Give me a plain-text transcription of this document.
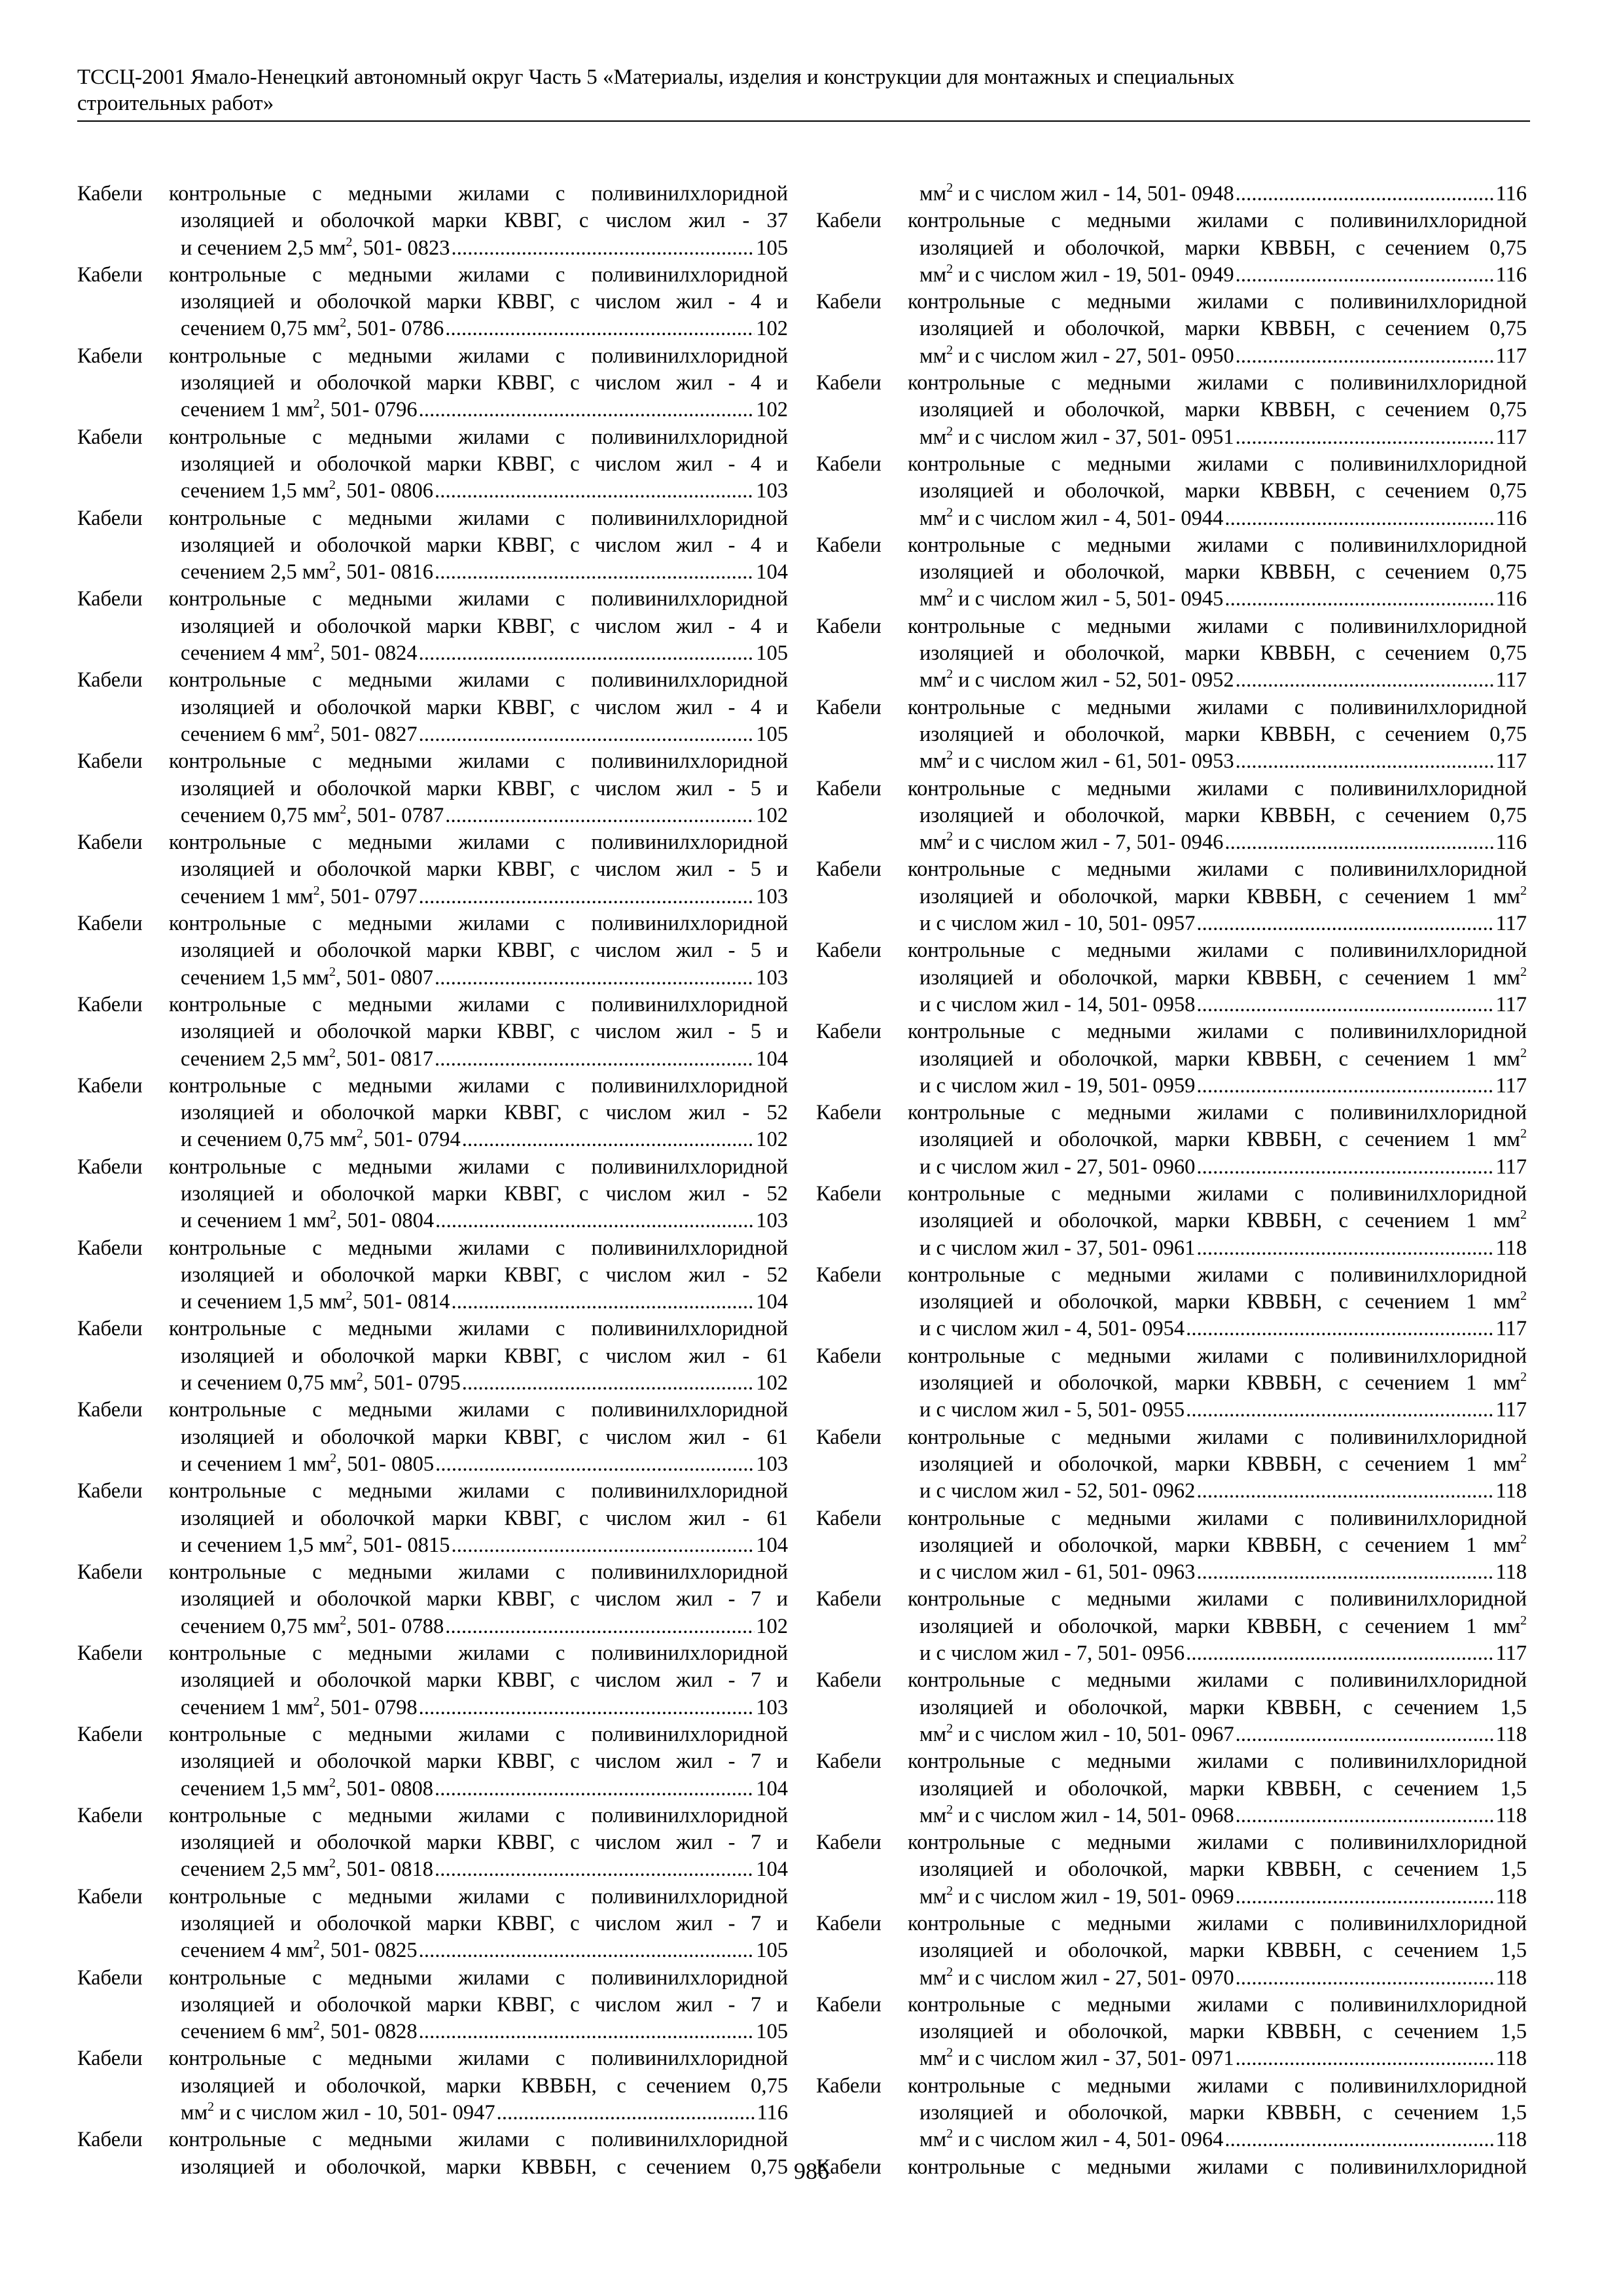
ТССЦ-2001 Ямало-Ненецкий автономный округ Часть 5 «Материалы, изделия и конструкции для монтажных и специальных
строительных работ»
Кабели контрольные с медными жилами с поливинилхлоридной
изоляцией и оболочкой марки КВВГ, с числом жил - 37
и сечением 2,5 $мм^2$, 501- 0823 . . .	105
Кабели контрольные с медными жилами с поливинилхлоридной
изоляцией и оболочкой марки КВВГ, с числом жил - 4 и
сечением 0,75 $мм^2$, 501- 0786 . . .	102
Кабели контрольные с медными жилами с поливинилхлоридной
изоляцией и оболочкой марки КВВГ, с числом жил - 4 и
сечением 1 $мм^2$, 501- 0796 . . .	102
Кабели контрольные с медными жилами с поливинилхлоридной
изоляцией и оболочкой марки КВВГ, с числом жил - 4 и
сечением 1,5 $мм^2$, 501- 0806 . . .	103
Кабели контрольные с медными жилами с поливинилхлоридной
изоляцией и оболочкой марки КВВГ, с числом жил - 4 и
сечением 2,5 $мм^2$, 501- 0816 . . .	104
Кабели контрольные с медными жилами с поливинилхлоридной
изоляцией и оболочкой марки КВВГ, с числом жил - 4 и
сечением 4 $мм^2$, 501- 0824 . . .	105
Кабели контрольные с медными жилами с поливинилхлоридной
изоляцией и оболочкой марки КВВГ, с числом жил - 4 и
сечением 6 $мм^2$, 501- 0827 . . .	105
Кабели контрольные с медными жилами с поливинилхлоридной
изоляцией и оболочкой марки КВВГ, с числом жил - 5 и
сечением 0,75 $мм^2$, 501- 0787 . . .	102
Кабели контрольные с медными жилами с поливинилхлоридной
изоляцией и оболочкой марки КВВГ, с числом жил - 5 и
сечением 1 $мм^2$, 501- 0797 . . .	103
Кабели контрольные с медными жилами с поливинилхлоридной
изоляцией и оболочкой марки КВВГ, с числом жил - 5 и
сечением 1,5 $мм^2$, 501- 0807 . . .	103
Кабели контрольные с медными жилами с поливинилхлоридной
изоляцией и оболочкой марки КВВГ, с числом жил - 5 и
сечением 2,5 $мм^2$, 501- 0817 . . .	104
Кабели контрольные с медными жилами с поливинилхлоридной
изоляцией и оболочкой марки КВВГ, с числом жил - 52
и сечением 0,75 $мм^2$, 501- 0794 . . .	102
Кабели контрольные с медными жилами с поливинилхлоридной
изоляцией и оболочкой марки КВВГ, с числом жил - 52
и сечением 1 $мм^2$, 501- 0804 . . .	103
Кабели контрольные с медными жилами с поливинилхлоридной
изоляцией и оболочкой марки КВВГ, с числом жил - 52
и сечением 1,5 $мм^2$, 501- 0814 . . .	104
Кабели контрольные с медными жилами с поливинилхлоридной
изоляцией и оболочкой марки КВВГ, с числом жил - 61
и сечением 0,75 $мм^2$, 501- 0795 . . .	102
Кабели контрольные с медными жилами с поливинилхлоридной
изоляцией и оболочкой марки КВВГ, с числом жил - 61
и сечением 1 $мм^2$, 501- 0805 . . .	103
Кабели контрольные с медными жилами с поливинилхлоридной
изоляцией и оболочкой марки КВВГ, с числом жил - 61
и сечением 1,5 $мм^2$, 501- 0815 . . .	104
Кабели контрольные с медными жилами с поливинилхлоридной
изоляцией и оболочкой марки КВВГ, с числом жил - 7 и
сечением 0,75 $мм^2$, 501- 0788 . . .	102
Кабели контрольные с медными жилами с поливинилхлоридной
изоляцией и оболочкой марки КВВГ, с числом жил - 7 и
сечением 1 $мм^2$, 501- 0798 . . .	103
Кабели контрольные с медными жилами с поливинилхлоридной
изоляцией и оболочкой марки КВВГ, с числом жил - 7 и
сечением 1,5 $мм^2$, 501- 0808 . . .	104
Кабели контрольные с медными жилами с поливинилхлоридной
изоляцией и оболочкой марки КВВГ, с числом жил - 7 и
сечением 2,5 $мм^2$, 501- 0818 . . .	104
Кабели контрольные с медными жилами с поливинилхлоридной
изоляцией и оболочкой марки КВВГ, с числом жил - 7 и
сечением 4 $мм^2$, 501- 0825 . . .	105
Кабели контрольные с медными жилами с поливинилхлоридной
изоляцией и оболочкой марки КВВГ, с числом жил - 7 и
сечением 6 $мм^2$, 501- 0828 . . .	105
Кабели контрольные с медными жилами с поливинилхлоридной
изоляцией и оболочкой, марки КВВБН, с сечением 0,75
$мм^2$ и с числом жил - 10, 501- 0947 . . .	116
Кабели контрольные с медными жилами с поливинилхлоридной
изоляцией и оболочкой, марки КВВБН, с сечением 0,75
$мм^2$ и с числом жил - 14, 501- 0948 . . .	116
Кабели контрольные с медными жилами с поливинилхлоридной
изоляцией и оболочкой, марки КВВБН, с сечением 0,75
$мм^2$ и с числом жил - 19, 501- 0949 . . .	116
Кабели контрольные с медными жилами с поливинилхлоридной
изоляцией и оболочкой, марки КВВБН, с сечением 0,75
$мм^2$ и с числом жил - 27, 501- 0950 . . .	117
Кабели контрольные с медными жилами с поливинилхлоридной
изоляцией и оболочкой, марки КВВБН, с сечением 0,75
$мм^2$ и с числом жил - 37, 501- 0951 . . .	117
Кабели контрольные с медными жилами с поливинилхлоридной
изоляцией и оболочкой, марки КВВБН, с сечением 0,75
$мм^2$ и с числом жил - 4, 501- 0944 . . .	116
Кабели контрольные с медными жилами с поливинилхлоридной
изоляцией и оболочкой, марки КВВБН, с сечением 0,75
$мм^2$ и с числом жил - 5, 501- 0945 . . .	116
Кабели контрольные с медными жилами с поливинилхлоридной
изоляцией и оболочкой, марки КВВБН, с сечением 0,75
$мм^2$ и с числом жил - 52, 501- 0952 . . .	117
Кабели контрольные с медными жилами с поливинилхлоридной
изоляцией и оболочкой, марки КВВБН, с сечением 0,75
$мм^2$ и с числом жил - 61, 501- 0953 . . .	117
Кабели контрольные с медными жилами с поливинилхлоридной
изоляцией и оболочкой, марки КВВБН, с сечением 0,75
$мм^2$ и с числом жил - 7, 501- 0946 . . .	116
Кабели контрольные с медными жилами с поливинилхлоридной
изоляцией и оболочкой, марки КВВБН, с сечением 1 $мм^2$
и с числом жил - 10, 501- 0957 . . .	117
Кабели контрольные с медными жилами с поливинилхлоридной
изоляцией и оболочкой, марки КВВБН, с сечением 1 $мм^2$
и с числом жил - 14, 501- 0958 . . .	117
Кабели контрольные с медными жилами с поливинилхлоридной
изоляцией и оболочкой, марки КВВБН, с сечением 1 $мм^2$
и с числом жил - 19, 501- 0959 . . .	117
Кабели контрольные с медными жилами с поливинилхлоридной
изоляцией и оболочкой, марки КВВБН, с сечением 1 $мм^2$
и с числом жил - 27, 501- 0960 . . .	117
Кабели контрольные с медными жилами с поливинилхлоридной
изоляцией и оболочкой, марки КВВБН, с сечением 1 $мм^2$
и с числом жил - 37, 501- 0961 . . .	118
Кабели контрольные с медными жилами с поливинилхлоридной
изоляцией и оболочкой, марки КВВБН, с сечением 1 $мм^2$
и с числом жил - 4, 501- 0954 . . .	117
Кабели контрольные с медными жилами с поливинилхлоридной
изоляцией и оболочкой, марки КВВБН, с сечением 1 $мм^2$
и с числом жил - 5, 501- 0955 . . .	117
Кабели контрольные с медными жилами с поливинилхлоридной
изоляцией и оболочкой, марки КВВБН, с сечением 1 $мм^2$
и с числом жил - 52, 501- 0962 . . .	118
Кабели контрольные с медными жилами с поливинилхлоридной
изоляцией и оболочкой, марки КВВБН, с сечением 1 $мм^2$
и с числом жил - 61, 501- 0963 . . .	118
Кабели контрольные с медными жилами с поливинилхлоридной
изоляцией и оболочкой, марки КВВБН, с сечением 1 $мм^2$
и с числом жил - 7, 501- 0956 . . .	117
Кабели контрольные с медными жилами с поливинилхлоридной
изоляцией и оболочкой, марки КВВБН, с сечением 1,5
$мм^2$ и с числом жил - 10, 501- 0967 . . .	118
Кабели контрольные с медными жилами с поливинилхлоридной
изоляцией и оболочкой, марки КВВБН, с сечением 1,5
$мм^2$ и с числом жил - 14, 501- 0968 . . .	118
Кабели контрольные с медными жилами с поливинилхлоридной
изоляцией и оболочкой, марки КВВБН, с сечением 1,5
$мм^2$ и с числом жил - 19, 501- 0969 . . .	118
Кабели контрольные с медными жилами с поливинилхлоридной
изоляцией и оболочкой, марки КВВБН, с сечением 1,5
$мм^2$ и с числом жил - 27, 501- 0970 . . .	118
Кабели контрольные с медными жилами с поливинилхлоридной
изоляцией и оболочкой, марки КВВБН, с сечением 1,5
$мм^2$ и с числом жил - 37, 501- 0971 . . .	118
Кабели контрольные с медными жилами с поливинилхлоридной
изоляцией и оболочкой, марки КВВБН, с сечением 1,5
$мм^2$ и с числом жил - 4, 501- 0964 . . .	118
Кабели контрольные с медными жилами с поливинилхлоридной
986
